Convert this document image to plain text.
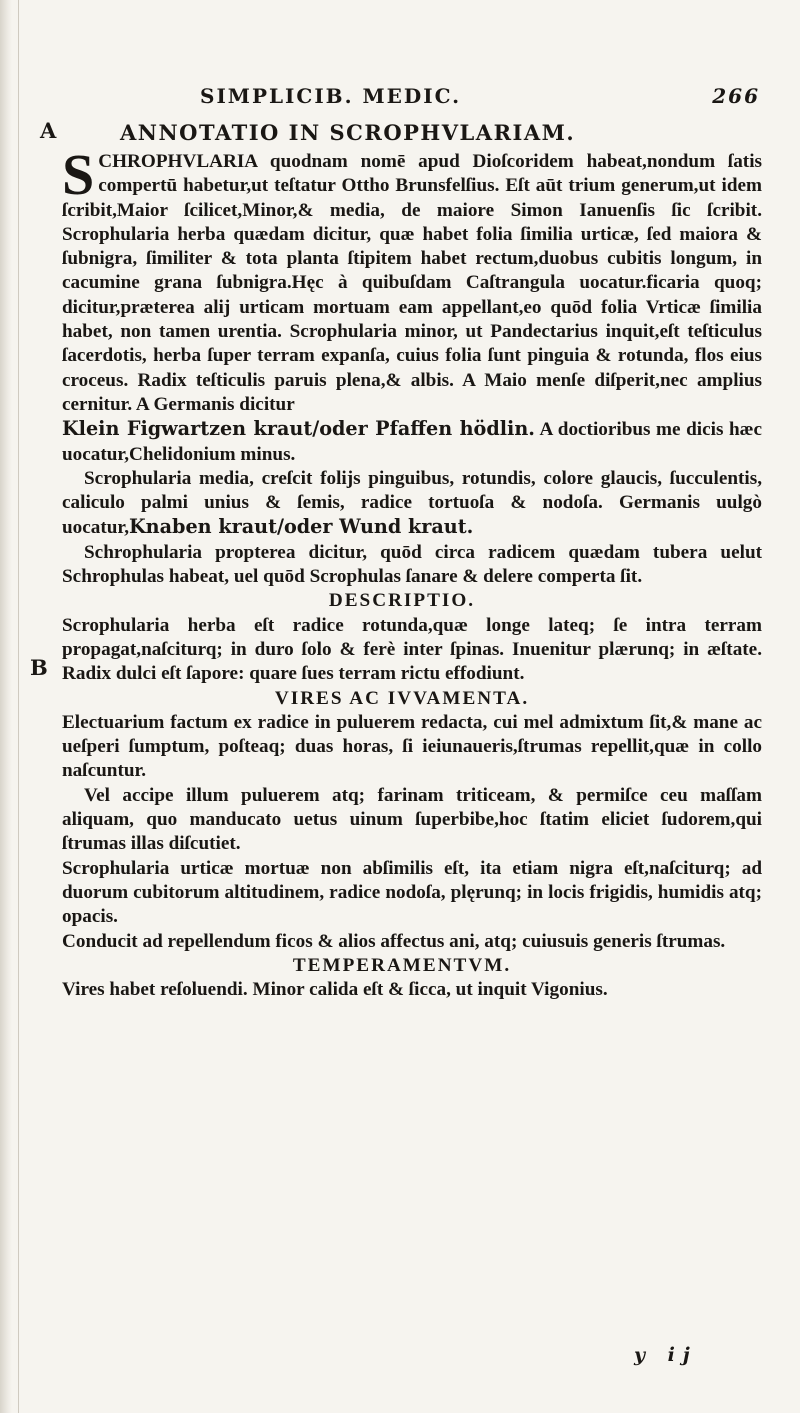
SIMPLICIB. MEDIC.	266
A
B
ANNOTATIO IN SCROPHVLARIAM.

SCHROPHVLARIA quodnam nomē apud Dioſcoridem habeat,nondum ſatis compertū habetur,ut teſtatur Ottho Brunsfelſius. Eſt aūt trium generum,ut idem ſcribit,Maior ſcilicet,Minor,& media, de maiore Simon Ianuenſis ſic ſcribit. Scrophularia herba quædam dicitur, quæ habet folia ſimilia urticæ, ſed maiora & ſubnigra, ſimiliter & tota planta ſtipitem habet rectum,duobus cubitis longum, in cacumine grana ſubnigra.Hęc à quibuſdam Caſtrangula uocatur.ficaria quoq; dicitur,præterea alij urticam mortuam eam appellant,eo quōd folia Vrticæ ſimilia habet, non tamen urentia. Scrophularia minor, ut Pandectarius inquit,eſt teſticulus ſacerdotis, herba ſuper terram expanſa, cuius folia ſunt pinguia & rotunda, flos eius croceus. Radix teſticulis paruis plena,& albis. A Maio menſe diſperit,nec amplius cernitur. A Germanis dicitur

Klein Figwartzen kraut/oder Pfaffen hödlin. A doctioribus me dicis hæc uocatur,Chelidonium minus.

Scrophularia media, creſcit folijs pinguibus, rotundis, colore glaucis, ſucculentis, caliculo palmi unius & ſemis, radice tortuoſa & nodoſa. Germanis uulgò uocatur,Knaben kraut/oder Wund kraut.

Schrophularia propterea dicitur, quōd circa radicem quædam tubera uelut Schrophulas habeat, uel quōd Scrophulas ſanare & delere comperta ſit.

DESCRIPTIO.

Scrophularia herba eſt radice rotunda,quæ longe lateq; ſe intra terram propagat,naſciturq; in duro ſolo & ferè inter ſpinas. Inuenitur plærunq; in æſtate. Radix dulci eſt ſapore: quare ſues terram rictu effodiunt.

VIRES AC IVVAMENTA.

Electuarium factum ex radice in puluerem redacta, cui mel admixtum ſit,& mane ac ueſperi ſumptum, poſteaq; duas horas, ſi ieiunaueris,ſtrumas repellit,quæ in collo naſcuntur.

Vel accipe illum puluerem atq; farinam triticeam, & permiſce ceu maſſam aliquam, quo manducato uetus uinum ſuperbibe,hoc ſtatim eliciet ſudorem,qui ſtrumas illas diſcutiet.

Scrophularia urticæ mortuæ non abſimilis eſt, ita etiam nigra eſt,naſciturq; ad duorum cubitorum altitudinem, radice nodoſa, plęrunq; in locis frigidis, humidis atq; opacis.

Conducit ad repellendum ficos & alios affectus ani, atq; cuiusuis generis ſtrumas.

TEMPERAMENTVM.

Vires habet reſoluendi. Minor calida eſt & ſicca, ut inquit Vigonius.

y ij
